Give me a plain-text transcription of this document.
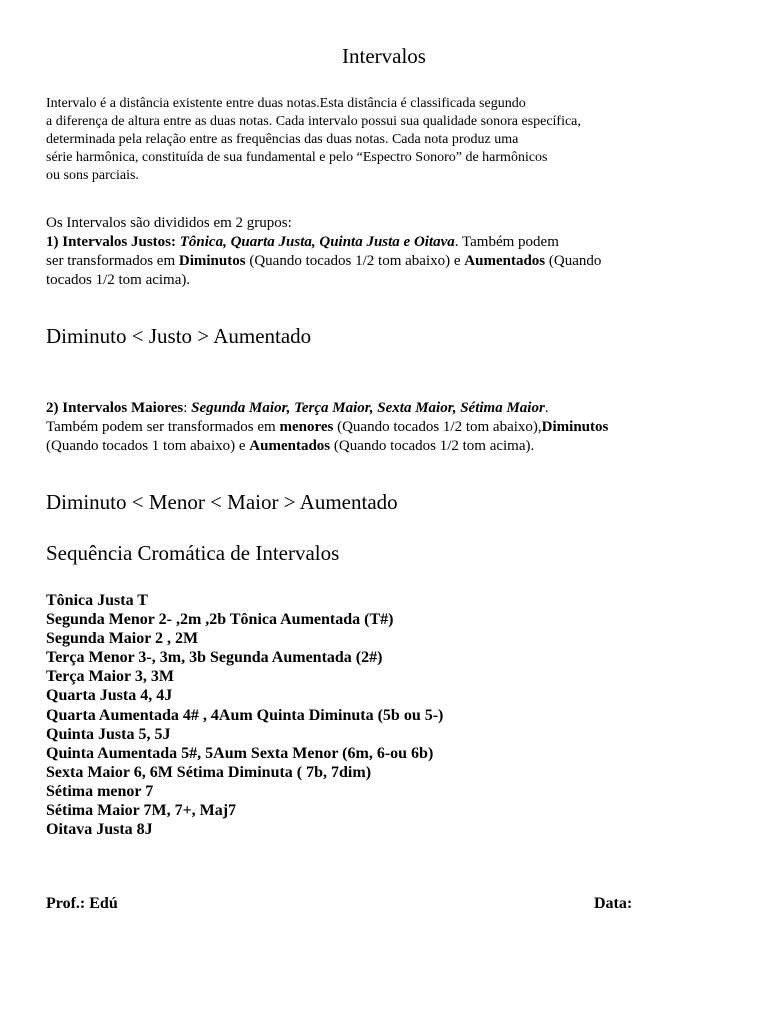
Intervalos
Intervalo é a distância existente entre duas notas.Esta distância é classificada segundo
a diferença de altura entre as duas notas. Cada intervalo possui sua qualidade sonora específica,
determinada pela relação entre as frequências das duas notas. Cada nota produz uma
série harmônica, constituída de sua fundamental e pelo “Espectro Sonoro” de harmônicos
ou sons parciais.
Os Intervalos são divididos em 2 grupos:
1) Intervalos Justos: Tônica, Quarta Justa, Quinta Justa e Oitava. Também podem
ser transformados em Diminutos (Quando tocados 1/2 tom abaixo) e Aumentados (Quando
tocados 1/2 tom acima).
Diminuto < Justo > Aumentado
2) Intervalos Maiores: Segunda Maior, Terça Maior, Sexta Maior, Sétima Maior.
Também podem ser transformados em menores (Quando tocados 1/2 tom abaixo),Diminutos
(Quando tocados 1 tom abaixo) e Aumentados (Quando tocados 1/2 tom acima).
Diminuto < Menor < Maior > Aumentado
Sequência Cromática de Intervalos
Tônica Justa T
Segunda Menor 2- ,2m ,2b Tônica Aumentada (T#)
Segunda Maior 2 , 2M
Terça Menor 3-, 3m, 3b Segunda Aumentada (2#)
Terça Maior 3, 3M
Quarta Justa 4, 4J
Quarta Aumentada 4# , 4Aum Quinta Diminuta (5b ou 5-)
Quinta Justa 5, 5J
Quinta Aumentada 5#, 5Aum Sexta Menor (6m, 6-ou 6b)
Sexta Maior 6, 6M Sétima Diminuta ( 7b, 7dim)
Sétima menor 7
Sétima Maior 7M, 7+, Maj7
Oitava Justa 8J
Prof.: Edú	Data:
